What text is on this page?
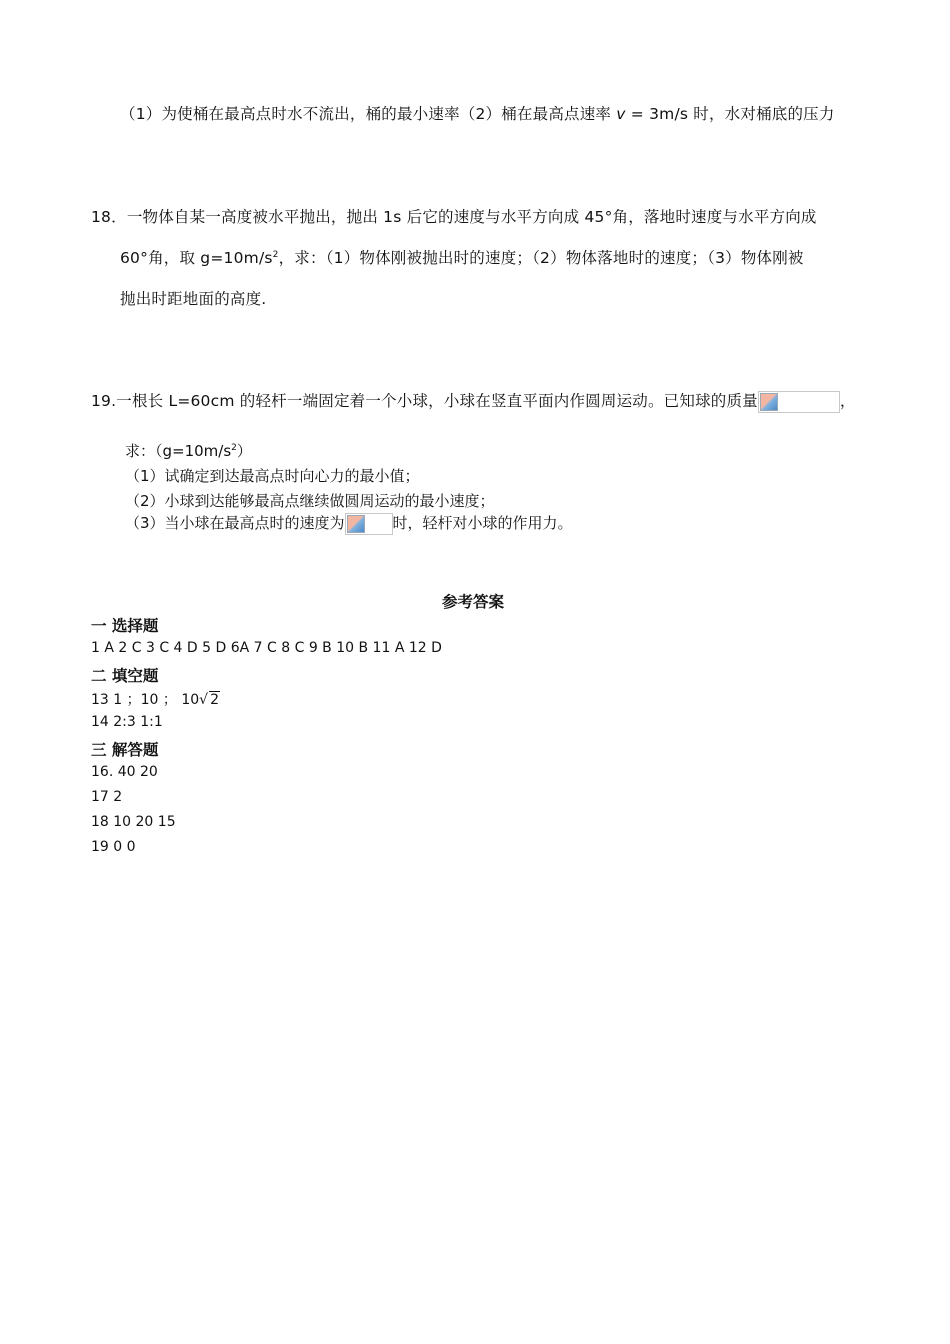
（1）为使桶在最高点时水不流出，桶的最小速率（2）桶在最高点速率 v = 3m/s 时，水对桶底的压力
18．一物体自某一高度被水平抛出，抛出 1s 后它的速度与水平方向成 45°角，落地时速度与水平方向成
60°角，取 $g=10m/s^2$，求：（1）物体刚被抛出时的速度；（2）物体落地时的速度；（3）物体刚被
抛出时距地面的高度.
19.一根长 L=60cm 的轻杆一端固定着一个小球，小球在竖直平面内作圆周运动。已知球的质量	，
求：$(g=10m/s^2)$
（1）试确定到达最高点时向心力的最小值；
（2）小球到达能够最高点继续做圆周运动的最小速度；
（3）当小球在最高点时的速度为	时，轻杆对小球的作用力。
参考答案
一 选择题
1 A 2 C 3 C 4 D 5 D 6A 7 C 8 C 9 B 10 B 11 A 12 D
二 填空题
13 1 ；10 ； 10√ 2
14 2:3 1:1
三 解答题
16. 40 20
17 2
18 10 20 15
19 0 0
